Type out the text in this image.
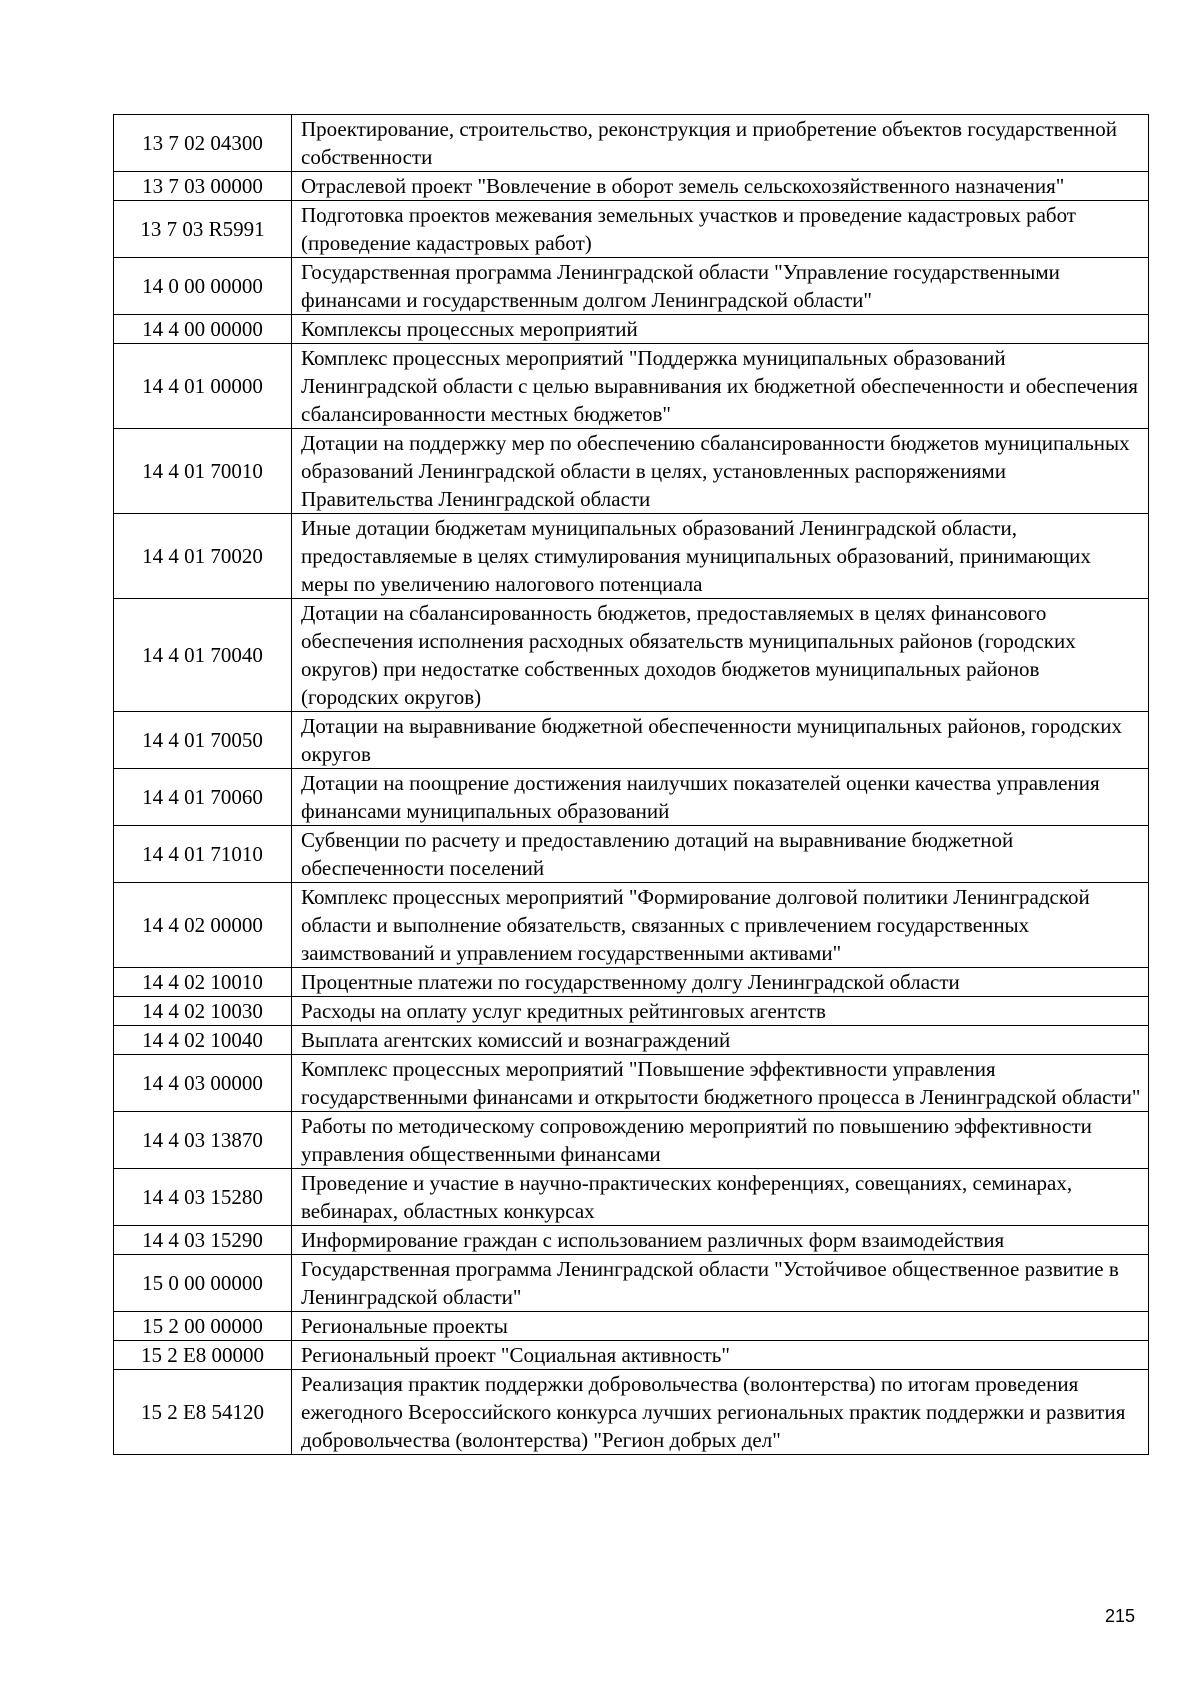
13 7 02 04300	Проектирование, строительство, реконструкция и приобретение объектов государственной собственности
13 7 03 00000	Отраслевой проект "Вовлечение в оборот земель сельскохозяйственного назначения"
13 7 03 R5991	Подготовка проектов межевания земельных участков и проведение кадастровых работ (проведение кадастровых работ)
14 0 00 00000	Государственная программа Ленинградской области "Управление государственными финансами и государственным долгом Ленинградской области"
14 4 00 00000	Комплексы процессных мероприятий
14 4 01 00000	Комплекс процессных мероприятий "Поддержка муниципальных образований Ленинградской области с целью выравнивания их бюджетной обеспеченности и обеспечения сбалансированности местных бюджетов"
14 4 01 70010	Дотации на поддержку мер по обеспечению сбалансированности бюджетов муниципальных образований Ленинградской области в целях, установленных распоряжениями Правительства Ленинградской области
14 4 01 70020	Иные дотации бюджетам муниципальных образований Ленинградской области, предоставляемые в целях стимулирования муниципальных образований, принимающих меры по увеличению налогового потенциала
14 4 01 70040	Дотации на сбалансированность бюджетов, предоставляемых в целях финансового обеспечения исполнения расходных обязательств муниципальных районов (городских округов) при недостатке собственных доходов бюджетов муниципальных районов (городских округов)
14 4 01 70050	Дотации на выравнивание бюджетной обеспеченности муниципальных районов, городских округов
14 4 01 70060	Дотации на поощрение достижения наилучших показателей оценки качества управления финансами муниципальных образований
14 4 01 71010	Субвенции по расчету и предоставлению дотаций на выравнивание бюджетной обеспеченности поселений
14 4 02 00000	Комплекс процессных мероприятий "Формирование долговой политики Ленинградской области и выполнение обязательств, связанных с привлечением государственных заимствований и управлением государственными активами"
14 4 02 10010	Процентные платежи по государственному долгу Ленинградской области
14 4 02 10030	Расходы на оплату услуг кредитных рейтинговых агентств
14 4 02 10040	Выплата агентских комиссий и вознаграждений
14 4 03 00000	Комплекс процессных мероприятий "Повышение эффективности управления государственными финансами и открытости бюджетного процесса в Ленинградской области"
14 4 03 13870	Работы по методическому сопровождению мероприятий по повышению эффективности управления общественными финансами
14 4 03 15280	Проведение и участие в научно-практических конференциях, совещаниях, семинарах, вебинарах, областных конкурсах
14 4 03 15290	Информирование граждан с использованием различных форм взаимодействия
15 0 00 00000	Государственная программа Ленинградской области "Устойчивое общественное развитие в Ленинградской области"
15 2 00 00000	Региональные проекты
15 2 E8 00000	Региональный проект "Социальная активность"
15 2 E8 54120	Реализация практик поддержки добровольчества (волонтерства) по итогам проведения ежегодного Всероссийского конкурса лучших региональных практик поддержки и развития добровольчества (волонтерства) "Регион добрых дел"
215
